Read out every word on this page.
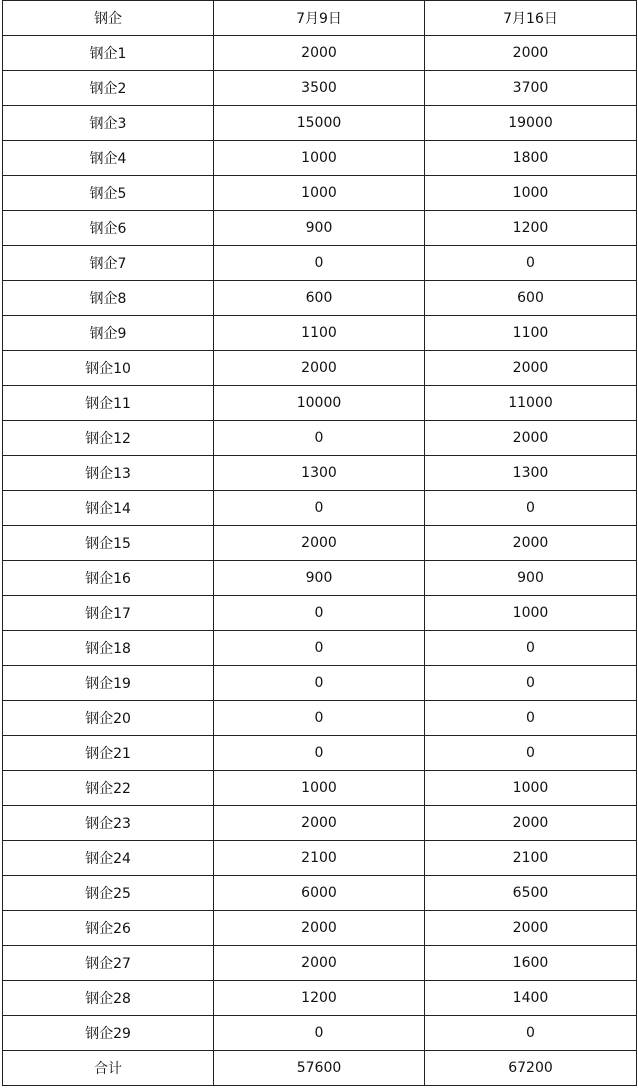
钢企	7月9日	7月16日
钢企1	2000	2000
钢企2	3500	3700
钢企3	15000	19000
钢企4	1000	1800
钢企5	1000	1000
钢企6	900	1200
钢企7	0	0
钢企8	600	600
钢企9	1100	1100
钢企10	2000	2000
钢企11	10000	11000
钢企12	0	2000
钢企13	1300	1300
钢企14	0	0
钢企15	2000	2000
钢企16	900	900
钢企17	0	1000
钢企18	0	0
钢企19	0	0
钢企20	0	0
钢企21	0	0
钢企22	1000	1000
钢企23	2000	2000
钢企24	2100	2100
钢企25	6000	6500
钢企26	2000	2000
钢企27	2000	1600
钢企28	1200	1400
钢企29	0	0
合计	57600	67200
